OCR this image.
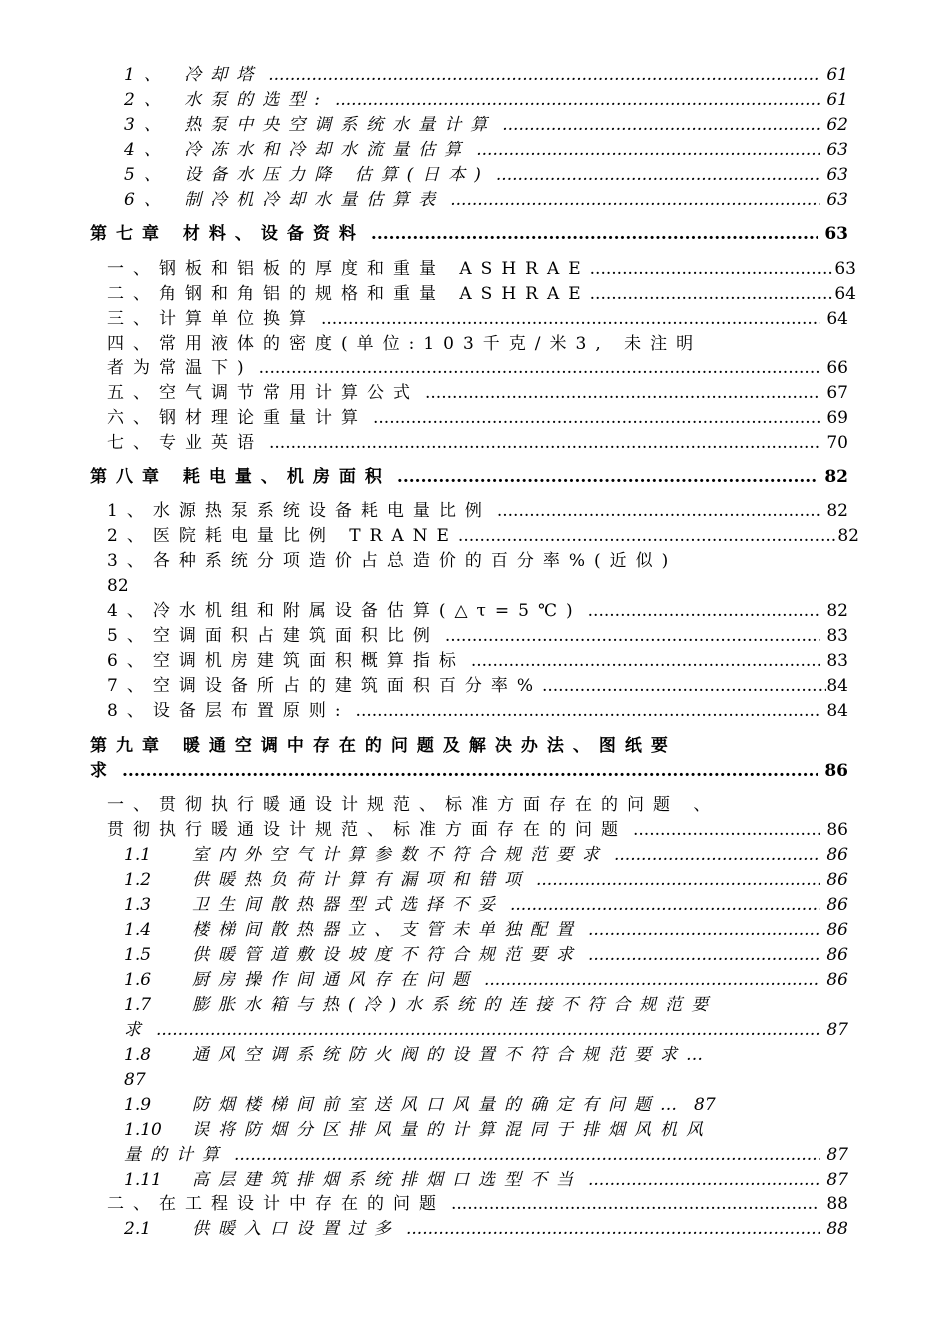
1、 冷却塔 .....	61
2、 水泵的选型: .....	61
3、 热泵中央空调系统水量计算 .....	62
4、 冷冻水和冷却水流量估算 .....	63
5、 设备水压力降 估算(日本) .....	63
6、 制冷机冷却水量估算表 .....	63
第七章 材料、设备资料 .....	63
一、钢板和铝板的厚度和重量 ASHRAE .....	63
二、角钢和角铝的规格和重量 ASHRAE .....	64
三、计算单位换算 .....	64
四、常用液体的密度(单位:103千克/米3, 未注明
者为常温下) .....	66
五、空气调节常用计算公式 .....	67
六、钢材理论重量计算 .....	69
七、专业英语 .....	70
第八章 耗电量、机房面积 .....	82
1、水源热泵系统设备耗电量比例 .....	82
2、医院耗电量比例 TRANE .....	82
3、各种系统分项造价占总造价的百分率%(近似)
82
4、冷水机组和附属设备估算(△τ=5℃) .....	82
5、空调面积占建筑面积比例 .....	83
6、空调机房建筑面积概算指标 .....	83
7、空调设备所占的建筑面积百分率% .....	84
8、设备层布置原则: .....	84
第九章 暖通空调中存在的问题及解决办法、图纸要
求 .....	86
一、贯彻执行暖通设计规范、标准方面存在的问题 、
贯彻执行暖通设计规范、标准方面存在的问题 .....	86
1.1	室内外空气计算参数不符合规范要求 .....	86
1.2	供暖热负荷计算有漏项和错项 .....	86
1.3	卫生间散热器型式选择不妥 .....	86
1.4	楼梯间散热器立、支管未单独配置 .....	86
1.5	供暖管道敷设坡度不符合规范要求 .....	86
1.6	厨房操作间通风存在问题 .....	86
1.7 膨胀水箱与热(冷)水系统的连接不符合规范要
求 .....	87
1.8 通风空调系统防火阀的设置不符合规范要求…
87
1.9	防烟楼梯间前室送风口风量的确定有问题… 87
1.10 误将防烟分区排风量的计算混同于排烟风机风
量的计算 .....	87
1.11	高层建筑排烟系统排烟口选型不当 .....	87
二、在工程设计中存在的问题 .....	88
2.1	供暖入口设置过多 .....	88
